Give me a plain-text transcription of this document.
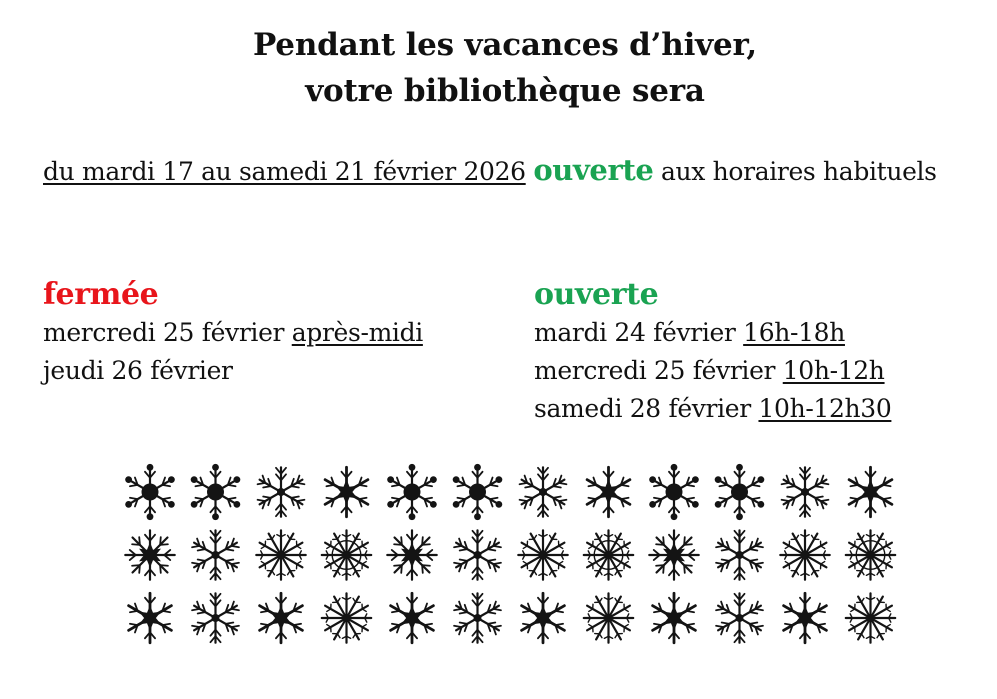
Pendant les vacances d’hiver,
votre bibliothèque sera
du mardi 17 au samedi 21 février 2026 ouverte aux horaires habituels
fermée
mercredi 25 février après-midi
jeudi 26 février
ouverte
mardi 24 février 16h-18h
mercredi 25 février 10h-12h
samedi 28 février 10h-12h30
